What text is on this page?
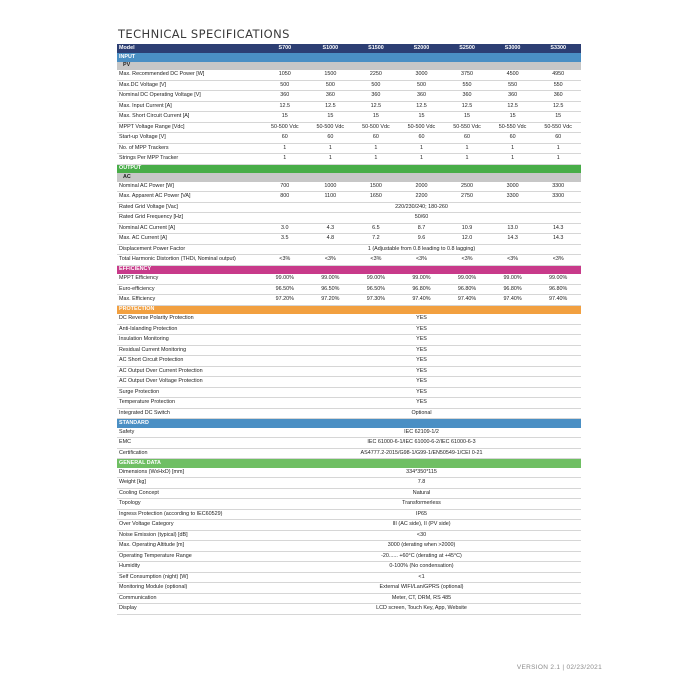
TECHNICAL SPECIFICATIONS
Model	S700	S1000	S1500	S2000	S2500	S3000	S3300
INPUT							
PV							
Max. Recommended DC Power [W]	1050	1500	2250	3000	3750	4500	4950
Max.DC Voltage [V]	500	500	500	500	550	550	550
Nominal DC Operating Voltage [V]	360	360	360	360	360	360	360
Max. Input Current [A]	12.5	12.5	12.5	12.5	12.5	12.5	12.5
Max. Short Circuit Current [A]	15	15	15	15	15	15	15
MPPT Voltage Range [Vdc]	50-500 Vdc	50-500 Vdc	50-500 Vdc	50-500 Vdc	50-550 Vdc	50-550 Vdc	50-550 Vdc
Start-up Voltage [V]	60	60	60	60	60	60	60
No. of MPP Trackers	1	1	1	1	1	1	1
Strings Per MPP Tracker	1	1	1	1	1	1	1
OUTPUT							
AC							
Nominal AC Power [W]	700	1000	1500	2000	2500	3000	3300
Max. Apparent AC Power [VA]	800	1100	1650	2200	2750	3300	3300
Rated Grid Voltage [Vac]	220/230/240; 180-260						
Rated Grid Frequency [Hz]	50/60						
Nominal AC Current [A]	3.0	4.3	6.5	8.7	10.9	13.0	14.3
Max. AC Current [A]	3.5	4.8	7.2	9.6	12.0	14.3	14.3
Displacement Power Factor	1 (Adjustable from 0.8 leading to 0.8 lagging)						
Total Harmonic Distortion (THDi, Nominal output)	<3%	<3%	<3%	<3%	<3%	<3%	<3%
EFFICIENCY							
MPPT Efficiency	99.00%	99.00%	99.00%	99.00%	99.00%	99.00%	99.00%
Euro-efficiency	96.50%	96.50%	96.50%	96.80%	96.80%	96.80%	96.80%
Max. Efficiency	97.20%	97.20%	97.30%	97.40%	97.40%	97.40%	97.40%
PROTECTION							
DC Reverse Polarity Protection	YES						
Anti-Islanding Protection	YES						
Insulation Monitoring	YES						
Residual Current Monitoring	YES						
AC Short Circuit Protection	YES						
AC Output Over Current Protection	YES						
AC Output Over Voltage Protection	YES						
Surge Protection	YES						
Temperature Protection	YES						
Integrated DC Switch	Optional						
STANDARD							
Safety	IEC 62109-1/2						
EMC	IEC 61000-6-1/IEC 61000-6-2/IEC 61000-6-3						
Certification	AS4777.2-2015/G98-1/G99-1/EN50549-1/CEI 0-21						
GENERAL DATA							
Dimensions (WxHxD) [mm]	334*350*115						
Weight [kg]	7.8						
Cooling Concept	Natural						
Topology	Transformerless						
Ingress Protection (according to IEC60529)	IP65						
Over Voltage Category	III (AC side), II (PV side)						
Noise Emission (typical) [dB]	<30						
Max. Operating Altitude [m]	3000 (derating when >2000)						
Operating Temperature Range	-20...... +60°C (derating at +45°C)						
Humidity	0-100% (No condensation)						
Self Consumption (night) [W]	<1						
Monitoring Module (optional)	External WIFI/Lan/GPRS (optional)						
Communication	Meter, CT, DRM, RS 485						
Display	LCD screen, Touch Key, App, Website						
VERSION 2.1 | 02/23/2021
